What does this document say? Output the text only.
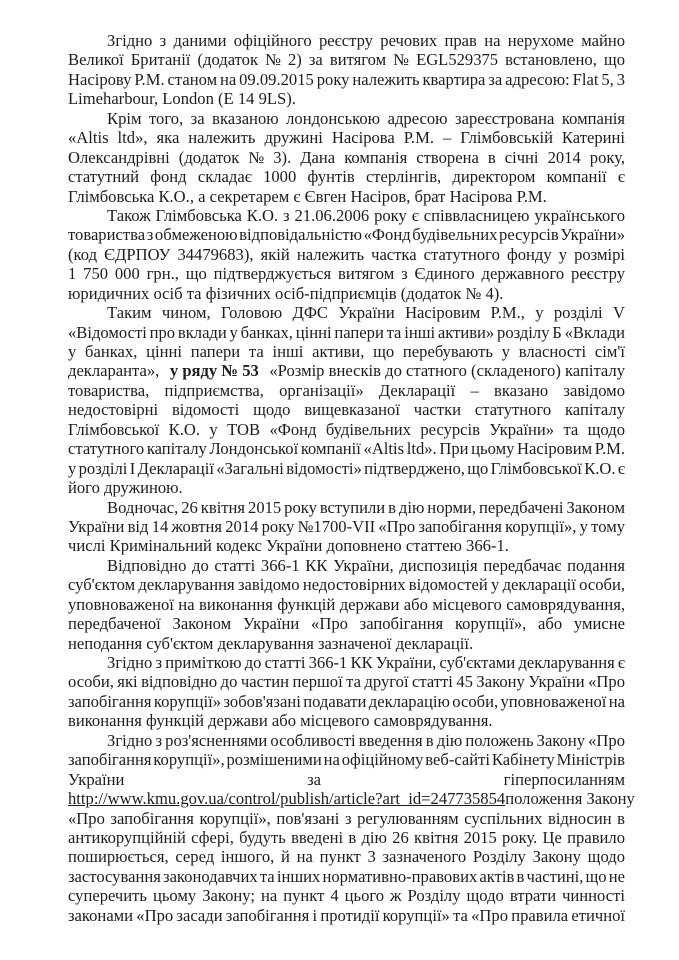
Згідно з даними офіційного реєстру речових прав на нерухоме майно
Великої Британії (додаток № 2) за витягом № EGL529375 встановлено, що
Насірову Р.М. станом на 09.09.2015 року належить квартира за адресою: Flat 5, 3
Limeharbour, London (E 14 9LS).
Крім того, за вказаною лондонською адресою зареєстрована компанія
«Altis ltd», яка належить дружині Насірова Р.М. – Глімбовській Катерині
Олександрівні (додаток № 3). Дана компанія створена в січні 2014 року,
статутний фонд складає 1000 фунтів стерлінгів, директором компанії є
Глімбовська К.О., а секретарем є Євген Насіров, брат Насірова Р.М.
Також Глімбовська К.О. з 21.06.2006 року є співвласницею українського
товариства з обмеженою відповідальністю «Фонд будівельних ресурсів України»
(код ЄДРПОУ 34479683), якій належить частка статутного фонду у розмірі
1 750 000 грн., що підтверджується витягом з Єдиного державного реєстру
юридичних осіб та фізичних осіб-підприємців (додаток № 4).
Таким чином, Головою ДФС України Насіровим Р.М., у розділі V
«Відомості про вклади у банках, цінні папери та інші активи» розділу Б «Вклади
у банках, цінні папери та інші активи, що перебувають у власності сім'ї
декларанта», у ряду № 53 «Розмір внесків до статного (складеного) капіталу
товариства, підприємства, організації» Декларації – вказано завідомо
недостовірні відомості щодо вищевказаної частки статутного капіталу
Глімбовської К.О. у ТОВ «Фонд будівельних ресурсів України» та щодо
статутного капіталу Лондонської компанії «Altis ltd». При цьому Насіровим Р.М.
у розділі І Декларації «Загальні відомості» підтверджено, що Глімбовської К.О. є
його дружиною.
Водночас, 26 квітня 2015 року вступили в дію норми, передбачені Законом
України від 14 жовтня 2014 року №1700-VII «Про запобігання корупції», у тому
числі Кримінальний кодекс України доповнено статтею 366-1.
Відповідно до статті 366-1 КК України, диспозиція передбачає подання
суб'єктом декларування завідомо недостовірних відомостей у декларації особи,
уповноваженої на виконання функцій держави або місцевого самоврядування,
передбаченої Законом України «Про запобігання корупції», або умисне
неподання суб'єктом декларування зазначеної декларації.
Згідно з приміткою до статті 366-1 КК України, суб'єктами декларування є
особи, які відповідно до частин першої та другої статті 45 Закону України «Про
запобігання корупції» зобов'язані подавати декларацію особи, уповноваженої на
виконання функцій держави або місцевого самоврядування.
Згідно з роз'ясненнями особливості введення в дію положень Закону «Про
запобігання корупції», розмішеними на офіційному веб-сайті Кабінету Міністрів
України за гіперпосиланням
http://www.kmu.gov.ua/control/publish/article?art_id=247735854 положення Закону
«Про запобігання корупції», пов'язані з регулюванням суспільних відносин в
антикорупційній сфері, будуть введені в дію 26 квітня 2015 року. Це правило
поширюється, серед іншого, й на пункт 3 зазначеного Розділу Закону щодо
застосування законодавчих та інших нормативно-правових актів в частині, що не
суперечить цьому Закону; на пункт 4 цього ж Розділу щодо втрати чинності
законами «Про засади запобігання і протидії корупції» та «Про правила етичної
